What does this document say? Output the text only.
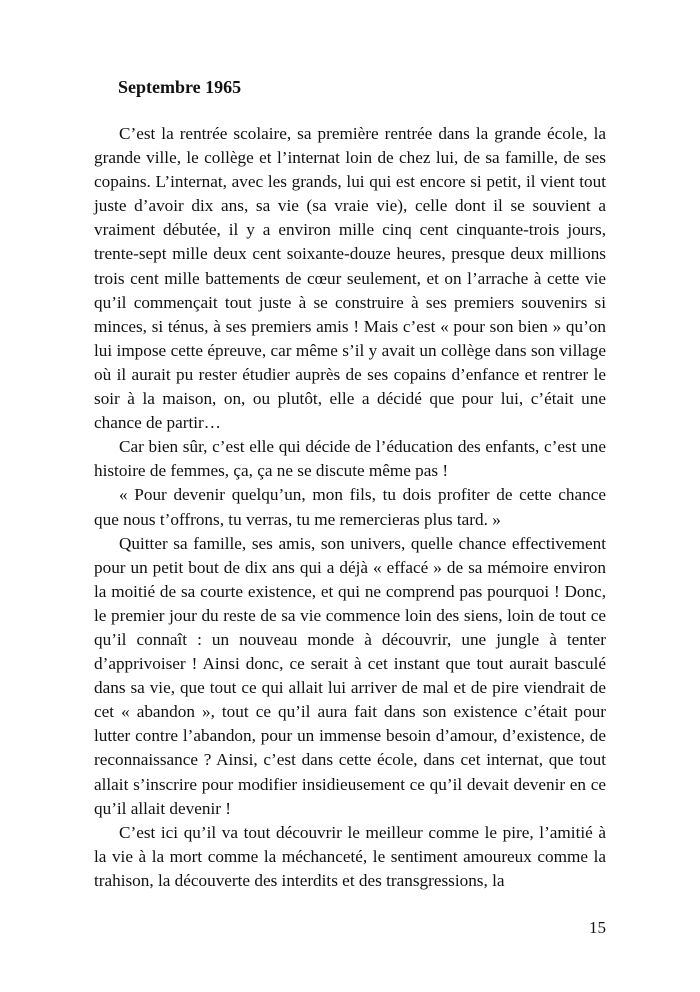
Septembre 1965

C’est la rentrée scolaire, sa première rentrée dans la grande école, la grande ville, le collège et l’internat loin de chez lui, de sa famille, de ses copains. L’internat, avec les grands, lui qui est encore si petit, il vient tout juste d’avoir dix ans, sa vie (sa vraie vie), celle dont il se souvient a vraiment débutée, il y a environ mille cinq cent cinquante-trois jours, trente-sept mille deux cent soixante-douze heures, presque deux millions trois cent mille battements de cœur seulement, et on l’arrache à cette vie qu’il commençait tout juste à se construire à ses premiers souvenirs si minces, si ténus, à ses premiers amis ! Mais c’est « pour son bien » qu’on lui impose cette épreuve, car même s’il y avait un collège dans son village où il aurait pu rester étudier auprès de ses copains d’enfance et rentrer le soir à la maison, on, ou plutôt, elle a décidé que pour lui, c’était une chance de partir…

Car bien sûr, c’est elle qui décide de l’éducation des enfants, c’est une histoire de femmes, ça, ça ne se discute même pas !

« Pour devenir quelqu’un, mon fils, tu dois profiter de cette chance que nous t’offrons, tu verras, tu me remercieras plus tard. »

Quitter sa famille, ses amis, son univers, quelle chance effectivement pour un petit bout de dix ans qui a déjà « effacé » de sa mémoire environ la moitié de sa courte existence, et qui ne comprend pas pourquoi ! Donc, le premier jour du reste de sa vie commence loin des siens, loin de tout ce qu’il connaît : un nouveau monde à découvrir, une jungle à tenter d’apprivoiser ! Ainsi donc, ce serait à cet instant que tout aurait basculé dans sa vie, que tout ce qui allait lui arriver de mal et de pire viendrait de cet « abandon », tout ce qu’il aura fait dans son existence c’était pour lutter contre l’abandon, pour un immense besoin d’amour, d’existence, de reconnaissance ? Ainsi, c’est dans cette école, dans cet internat, que tout allait s’inscrire pour modifier insidieusement ce qu’il devait devenir en ce qu’il allait devenir !

C’est ici qu’il va tout découvrir le meilleur comme le pire, l’amitié à la vie à la mort comme la méchanceté, le sentiment amoureux comme la trahison, la découverte des interdits et des transgressions, la

15
